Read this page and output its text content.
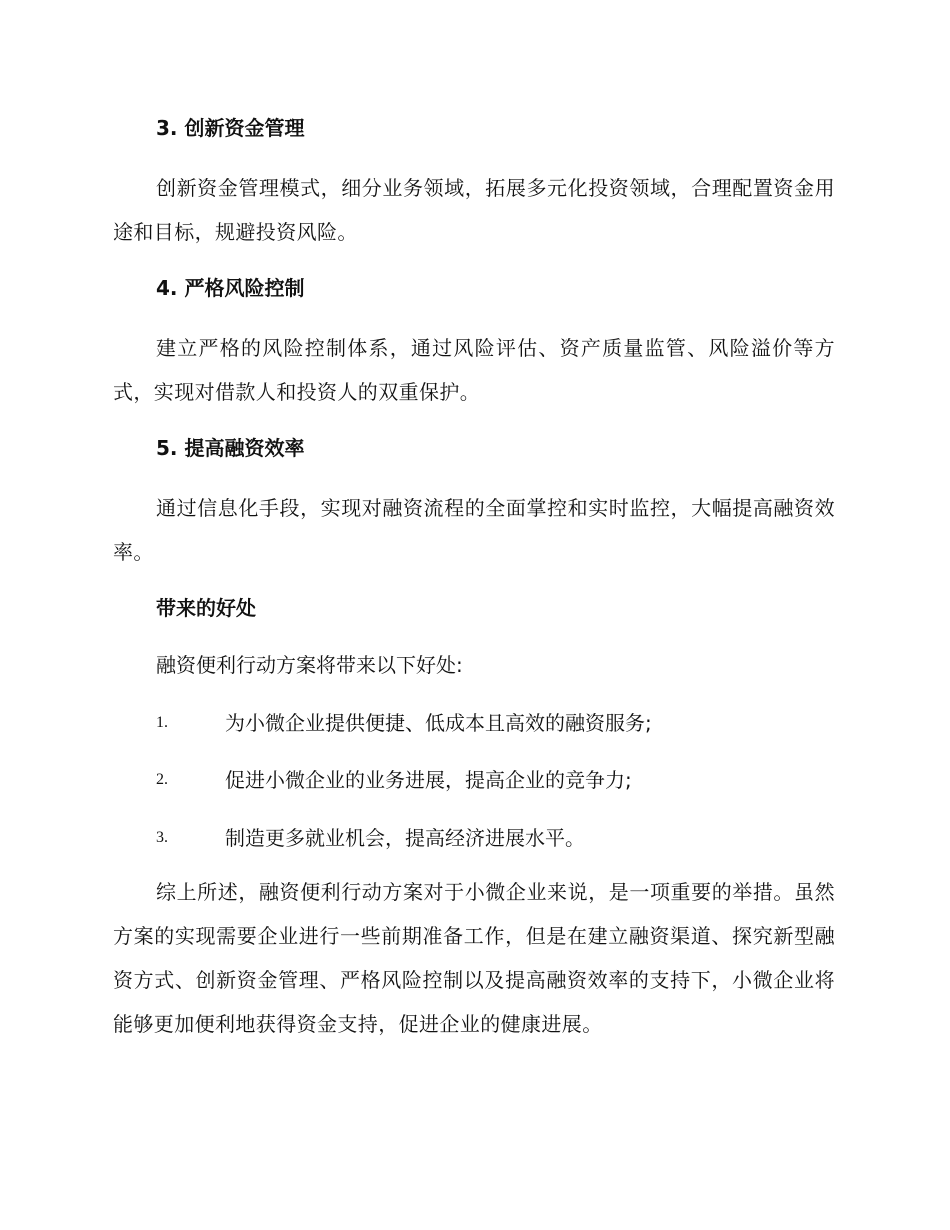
3. 创新资金管理
创新资金管理模式，细分业务领域，拓展多元化投资领域，合理配置资金用途和目标，规避投资风险。
4. 严格风险控制
建立严格的风险控制体系，通过风险评估、资产质量监管、风险溢价等方式，实现对借款人和投资人的双重保护。
5. 提高融资效率
通过信息化手段，实现对融资流程的全面掌控和实时监控，大幅提高融资效率。
带来的好处
融资便利行动方案将带来以下好处:
1.	为小微企业提供便捷、低成本且高效的融资服务;
2.	促进小微企业的业务进展，提高企业的竞争力;
3.	制造更多就业机会，提高经济进展水平。
综上所述，融资便利行动方案对于小微企业来说，是一项重要的举措。虽然方案的实现需要企业进行一些前期准备工作，但是在建立融资渠道、探究新型融资方式、创新资金管理、严格风险控制以及提高融资效率的支持下，小微企业将能够更加便利地获得资金支持，促进企业的健康进展。
